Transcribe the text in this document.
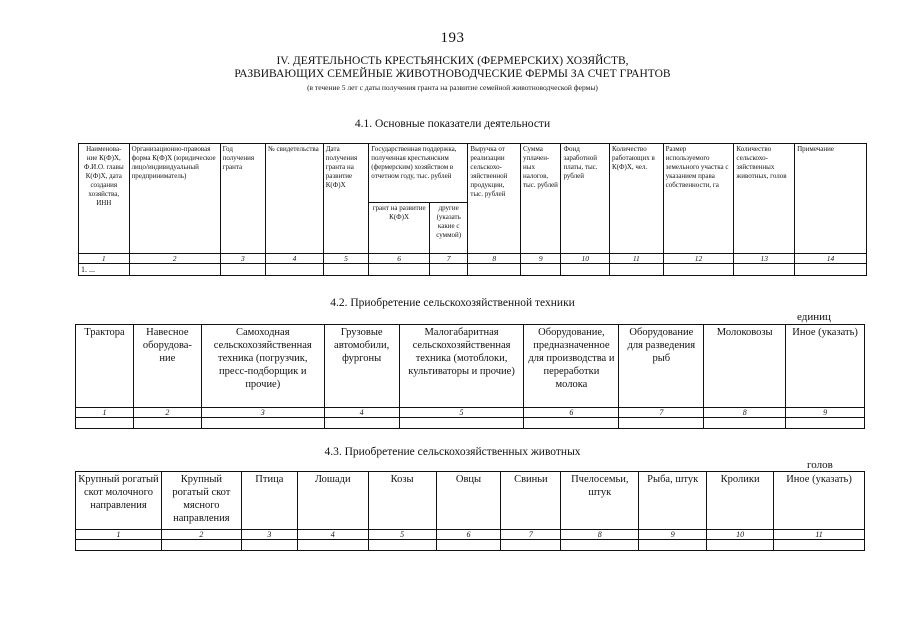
193
IV. ДЕЯТЕЛЬНОСТЬ КРЕСТЬЯНСКИХ (ФЕРМЕРСКИХ) ХОЗЯЙСТВ,
РАЗВИВАЮЩИХ СЕМЕЙНЫЕ ЖИВОТНОВОДЧЕСКИЕ ФЕРМЫ ЗА СЧЕТ ГРАНТОВ
(в течение 5 лет с даты получения гранта на развитие семейной животноводческой фермы)
4.1. Основные показатели деятельности
Наименова-ние К(Ф)Х, Ф.И.О. главы К(Ф)Х, дата создания хозяйства, ИНН	Организационно-правовая форма К(Ф)Х (юридическое лицо/индивидуальный предприниматель)	Год получения гранта	№ свидетельства	Дата получения гранта на развитие К(Ф)Х	Государственная поддержка, полученная крестьянским (фермерским) хозяйством в отчетном году, тыс. рублей		Выручка от реализации сельскохо-зяйственной продукции, тыс. рублей	Сумма уплачен-ных налогов, тыс. рублей	Фонд заработной платы, тыс. рублей	Количество работающих в К(Ф)Х, чел.	Размер используемого земельного участка с указанием права собственности, га	Количество сельскохо-зяйственных животных, голов	Примечание
					грант на развитие К(Ф)Х	другие (указать какие с суммой)							
1	2	3	4	5	6	7	8	9	10	11	12	13	14
1. ...													
4.2. Приобретение сельскохозяйственной техники
единиц
Трактора	Навесное оборудова-ние	Самоходная сельскохозяйственная техника (погрузчик, пресс-подборщик и прочие)	Грузовые автомобили, фургоны	Малогабаритная сельскохозяйственная техника (мотоблоки, культиваторы и прочие)	Оборудование, предназначенное для производства и переработки молока	Оборудование для разведения рыб	Молоковозы	Иное (указать)
1	2	3	4	5	6	7	8	9

4.3. Приобретение сельскохозяйственных животных
голов
Крупный рогатый скот молочного направления	Крупный рогатый скот мясного направления	Птица	Лошади	Козы	Овцы	Свиньи	Пчелосемьи, штук	Рыба, штук	Кролики	Иное (указать)
1	2	3	4	5	6	7	8	9	10	11
